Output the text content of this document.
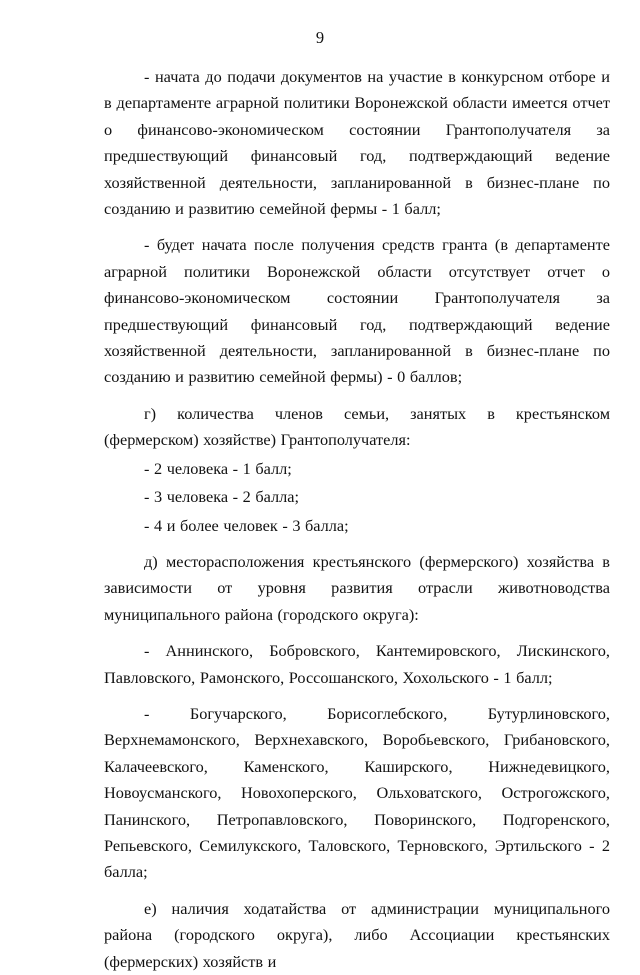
9

- начата до подачи документов на участие в конкурсном отборе и в департаменте аграрной политики Воронежской области имеется отчет о финансово-экономическом состоянии Грантополучателя за предшествующий финансовый год, подтверждающий ведение хозяйственной деятельности, запланированной в бизнес-плане по созданию и развитию семейной фермы - 1 балл;

- будет начата после получения средств гранта (в департаменте аграрной политики Воронежской области отсутствует отчет о финансово-экономическом состоянии Грантополучателя за предшествующий финансовый год, подтверждающий ведение хозяйственной деятельности, запланированной в бизнес-плане по созданию и развитию семейной фермы) - 0 баллов;

г) количества членов семьи, занятых в крестьянском (фермерском) хозяйстве) Грантополучателя:

- 2 человека - 1 балл;

- 3 человека - 2 балла;

- 4 и более человек - 3 балла;

д) месторасположения крестьянского (фермерского) хозяйства в зависимости от уровня развития отрасли животноводства муниципального района (городского округа):

- Аннинского, Бобровского, Кантемировского, Лискинского, Павловского, Рамонского, Россошанского, Хохольского - 1 балл;

- Богучарского, Борисоглебского, Бутурлиновского, Верхнемамонского, Верхнехавского, Воробьевского, Грибановского, Калачеевского, Каменского, Каширского, Нижнедевицкого, Новоусманского, Новохоперского, Ольховатского, Острогожского, Панинского, Петропавловского, Поворинского, Подгоренского, Репьевского, Семилукского, Таловского, Терновского, Эртильского - 2 балла;

е) наличия ходатайства от администрации муниципального района (городского округа), либо Ассоциации крестьянских (фермерских) хозяйств и
